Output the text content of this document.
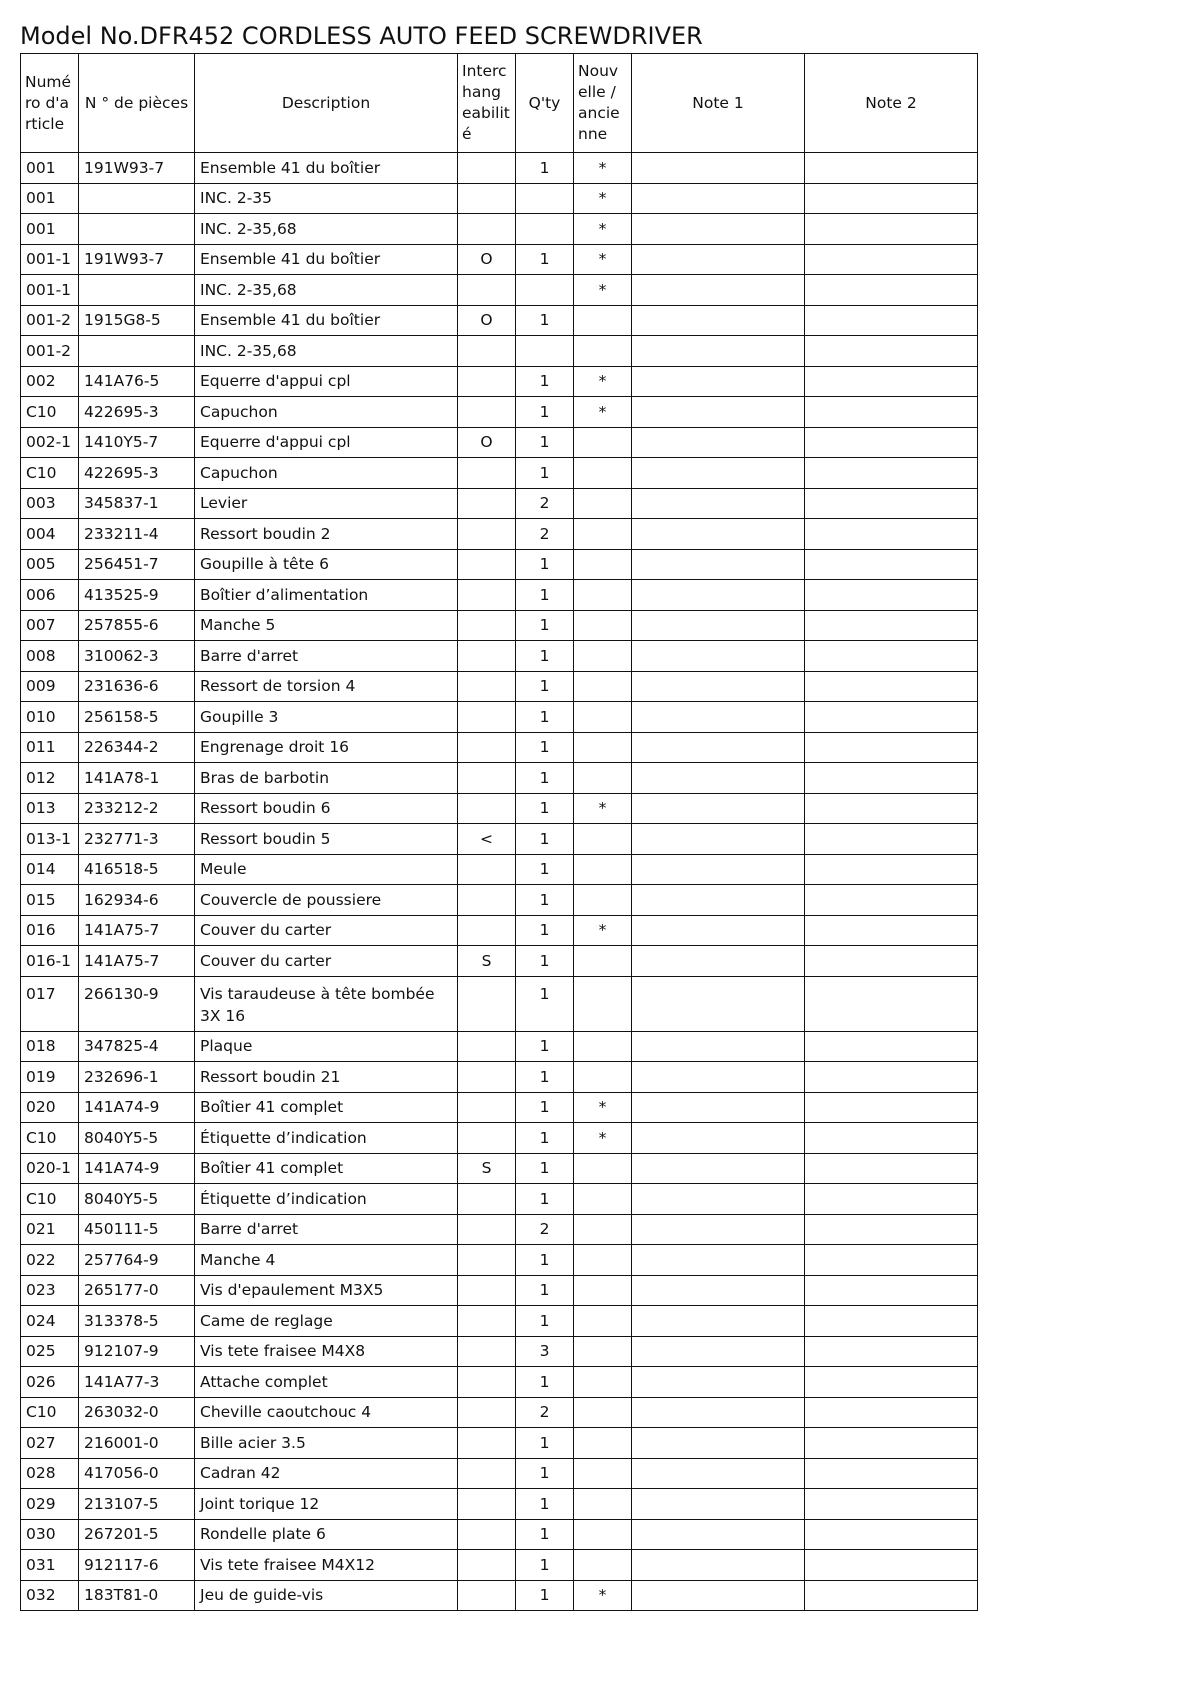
Model No.DFR452 CORDLESS AUTO FEED SCREWDRIVER
Numé ro d'a rticle	N ° de pièces	Description	Interc hang eabilit é	Q'ty	Nouv elle / ancie nne	Note 1	Note 2
001	191W93-7	Ensemble 41 du boîtier		1	*		
001		INC. 2-35			*		
001		INC. 2-35,68			*		
001-1	191W93-7	Ensemble 41 du boîtier	O	1	*		
001-1		INC. 2-35,68			*		
001-2	1915G8-5	Ensemble 41 du boîtier	O	1			
001-2		INC. 2-35,68					
002	141A76-5	Equerre d'appui cpl		1	*		
C10	422695-3	Capuchon		1	*		
002-1	1410Y5-7	Equerre d'appui cpl	O	1			
C10	422695-3	Capuchon		1			
003	345837-1	Levier		2			
004	233211-4	Ressort boudin 2		2			
005	256451-7	Goupille à tête 6		1			
006	413525-9	Boîtier d’alimentation		1			
007	257855-6	Manche 5		1			
008	310062-3	Barre d'arret		1			
009	231636-6	Ressort de torsion 4		1			
010	256158-5	Goupille 3		1			
011	226344-2	Engrenage droit 16		1			
012	141A78-1	Bras de barbotin		1			
013	233212-2	Ressort boudin 6		1	*		
013-1	232771-3	Ressort boudin 5	<	1			
014	416518-5	Meule		1			
015	162934-6	Couvercle de poussiere		1			
016	141A75-7	Couver du carter		1	*		
016-1	141A75-7	Couver du carter	S	1			
017	266130-9	Vis taraudeuse à tête bombée 3X 16		1			
018	347825-4	Plaque		1			
019	232696-1	Ressort boudin 21		1			
020	141A74-9	Boîtier 41 complet		1	*		
C10	8040Y5-5	Étiquette d’indication		1	*		
020-1	141A74-9	Boîtier 41 complet	S	1			
C10	8040Y5-5	Étiquette d’indication		1			
021	450111-5	Barre d'arret		2			
022	257764-9	Manche 4		1			
023	265177-0	Vis d'epaulement M3X5		1			
024	313378-5	Came de reglage		1			
025	912107-9	Vis tete fraisee M4X8		3			
026	141A77-3	Attache complet		1			
C10	263032-0	Cheville caoutchouc 4		2			
027	216001-0	Bille acier 3.5		1			
028	417056-0	Cadran 42		1			
029	213107-5	Joint torique 12		1			
030	267201-5	Rondelle plate 6		1			
031	912117-6	Vis tete fraisee M4X12		1			
032	183T81-0	Jeu de guide-vis		1	*		
